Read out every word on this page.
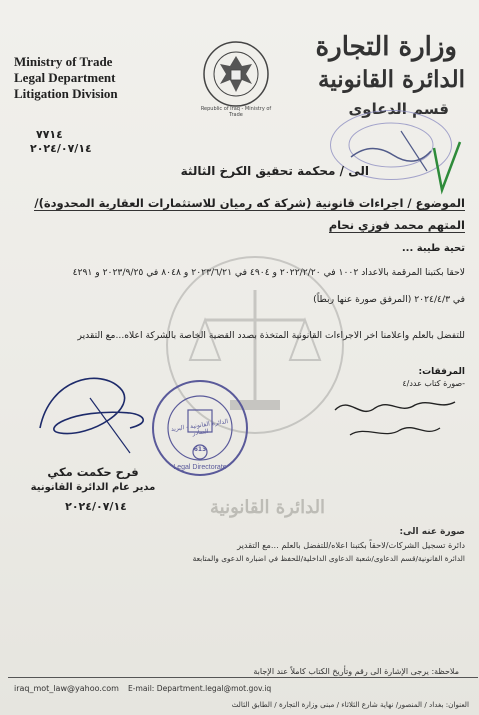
Ministry of Trade
Legal Department
Litigation Division
Republic of Iraq - Ministry of Trade
وزارة التجارة
الدائرة القانونية
قسم الدعاوى
٧٧١٤
٢٠٢٤/٠٧/١٤
الى / محكمة تحقيق الكرخ الثالثة
الموضوع / اجراءات قانونية (شركة كه رميان للاستثمارات العقارية المحدودة)/المتهم محمد فوزي نحام
تحية طيبة ...
لاحقا بكتبنا المرقمة بالاعداد ١٠٠٢ في ٢٠٢٢/٢/٢٠ و ٤٩٠٤ في ٢٠٢٣/٦/٢١ و ٨٠٤٨ في ٢٠٢٣/٩/٢٥ و ٤٢٩١
في ٢٠٢٤/٤/٣ (المرفق صورة عنها ربطاً)
للتفضل بالعلم واعلامنا اخر الاجراءات القانونية المتخذة بصدد القضية الخاصة بالشركة اعلاه...مع التقدير
المرفقات:
-صورة كتاب عدد/٤
الدائرة القانونية - البريد الصادر
613
Legal Directorate
فرح حكمت مكي
مدير عام الدائرة القانونية
٢٠٢٤/٠٧/١٤	الدائرة القانونية
صورة عنه الى:
دائرة تسجيل الشركات/لاحقاً بكتبنا اعلاه/للتفضل بالعلم ...مع التقدير
الدائرة القانونية/قسم الدعاوى/شعبة الدعاوى الداخلية/للحفظ في اضبارة الدعوى والمتابعة
ملاحظة: يرجى الإشارة الى رقم وتأريخ الكتاب كاملاً عند الإجابة
iraq_mot_law@yahoo.com E-mail: Department.legal@mot.gov.iq
العنوان: بغداد / المنصور/ نهاية شارع الثلاثاء / مبنى وزارة التجارة / الطابق الثالث
